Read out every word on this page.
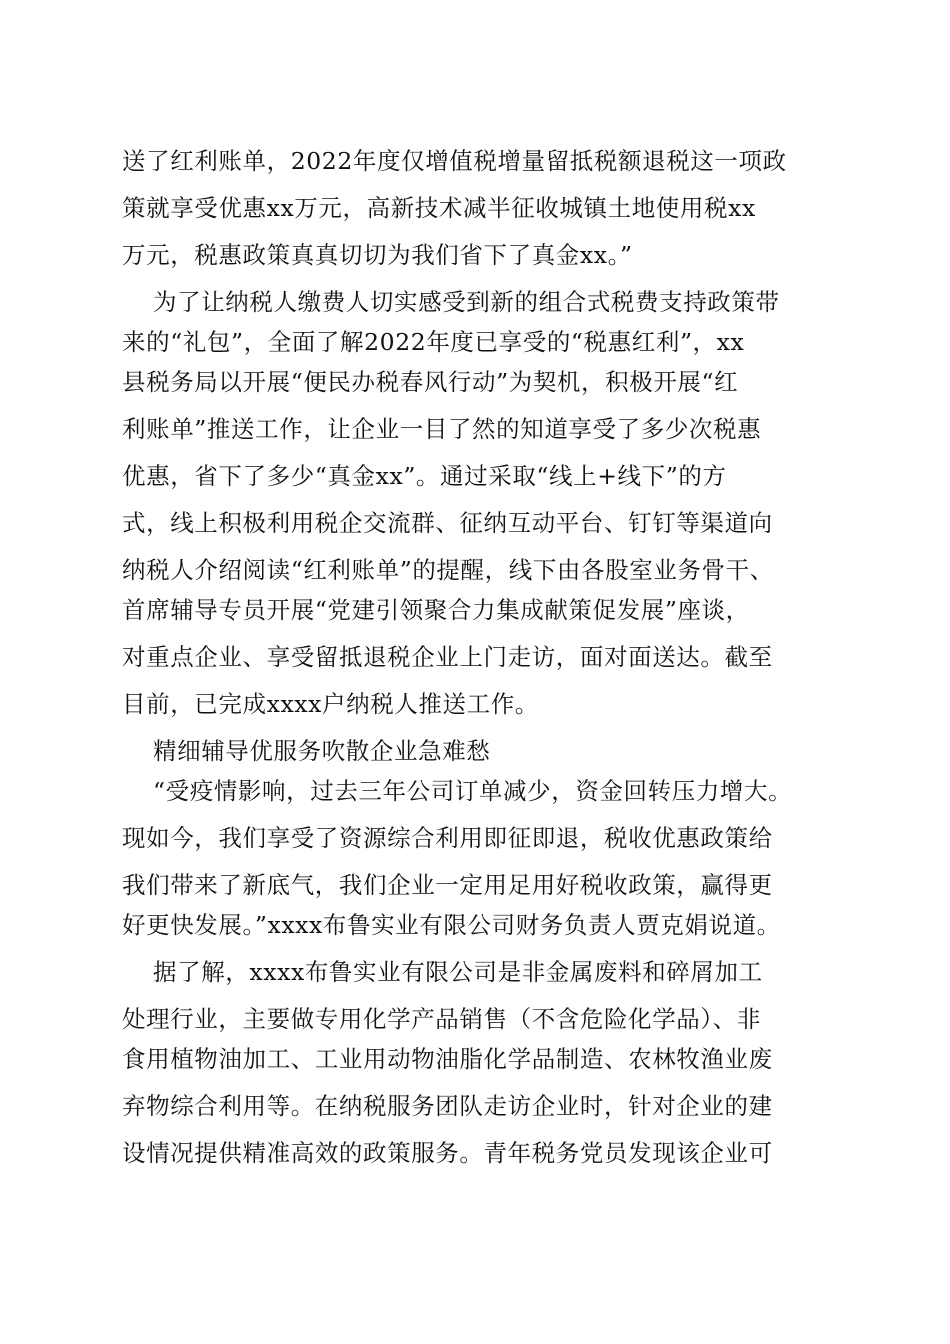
送了红利账单，2022年度仅增值税增量留抵税额退税这一项政
策就享受优惠xx万元，高新技术减半征收城镇土地使用税xx
万元，税惠政策真真切切为我们省下了真金xx。”
为了让纳税人缴费人切实感受到新的组合式税费支持政策带
来的“礼包”，全面了解2022年度已享受的“税惠红利”，xx
县税务局以开展“便民办税春风行动”为契机，积极开展“红
利账单”推送工作，让企业一目了然的知道享受了多少次税惠
优惠，省下了多少“真金xx”。通过采取“线上+线下”的方
式，线上积极利用税企交流群、征纳互动平台、钉钉等渠道向
纳税人介绍阅读“红利账单”的提醒，线下由各股室业务骨干、
首席辅导专员开展“党建引领聚合力集成献策促发展”座谈，
对重点企业、享受留抵退税企业上门走访，面对面送达。截至
目前，已完成xxxx户纳税人推送工作。
精细辅导优服务吹散企业急难愁
“受疫情影响，过去三年公司订单减少，资金回转压力增大。
现如今，我们享受了资源综合利用即征即退，税收优惠政策给
我们带来了新底气，我们企业一定用足用好税收政策，赢得更
好更快发展。”xxxx布鲁实业有限公司财务负责人贾克娟说道。
据了解，xxxx布鲁实业有限公司是非金属废料和碎屑加工
处理行业，主要做专用化学产品销售（不含危险化学品）、非
食用植物油加工、工业用动物油脂化学品制造、农林牧渔业废
弃物综合利用等。在纳税服务团队走访企业时，针对企业的建
设情况提供精准高效的政策服务。青年税务党员发现该企业可
